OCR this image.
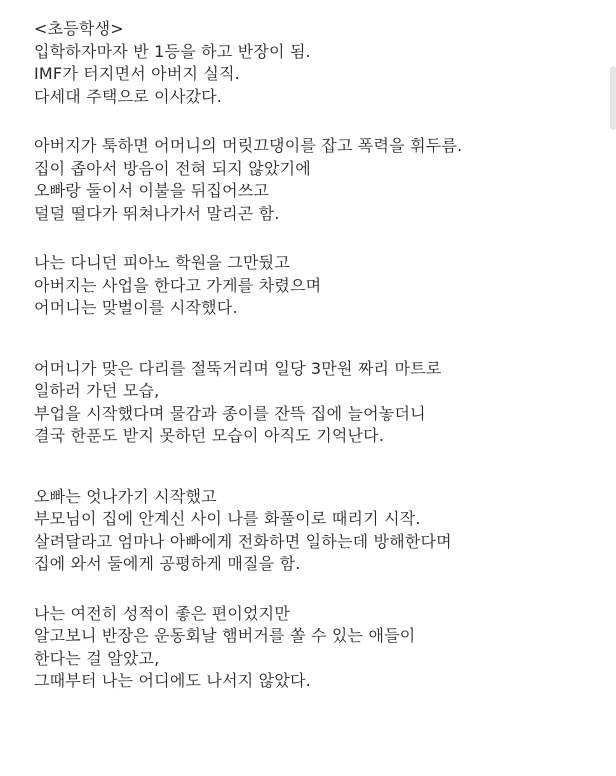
<초등학생>
입학하자마자 반 1등을 하고 반장이 됨.
IMF가 터지면서 아버지 실직.
다세대 주택으로 이사갔다.
아버지가 툭하면 어머니의 머릿끄댕이를 잡고 폭력을 휘두름.
집이 좁아서 방음이 전혀 되지 않았기에
오빠랑 둘이서 이불을 뒤집어쓰고
덜덜 떨다가 뛰쳐나가서 말리곤 함.
나는 다니던 피아노 학원을 그만뒀고
아버지는 사업을 한다고 가게를 차렸으며
어머니는 맞벌이를 시작했다.
어머니가 맞은 다리를 절뚝거리며 일당 3만원 짜리 마트로
일하러 가던 모습,
부업을 시작했다며 물감과 종이를 잔뜩 집에 늘어놓더니
결국 한푼도 받지 못하던 모습이 아직도 기억난다.
오빠는 엇나가기 시작했고
부모님이 집에 안계신 사이 나를 화풀이로 때리기 시작.
살려달라고 엄마나 아빠에게 전화하면 일하는데 방해한다며
집에 와서 둘에게 공평하게 매질을 함.
나는 여전히 성적이 좋은 편이었지만
알고보니 반장은 운동회날 햄버거를 쏠 수 있는 애들이
한다는 걸 알았고,
그때부터 나는 어디에도 나서지 않았다.
